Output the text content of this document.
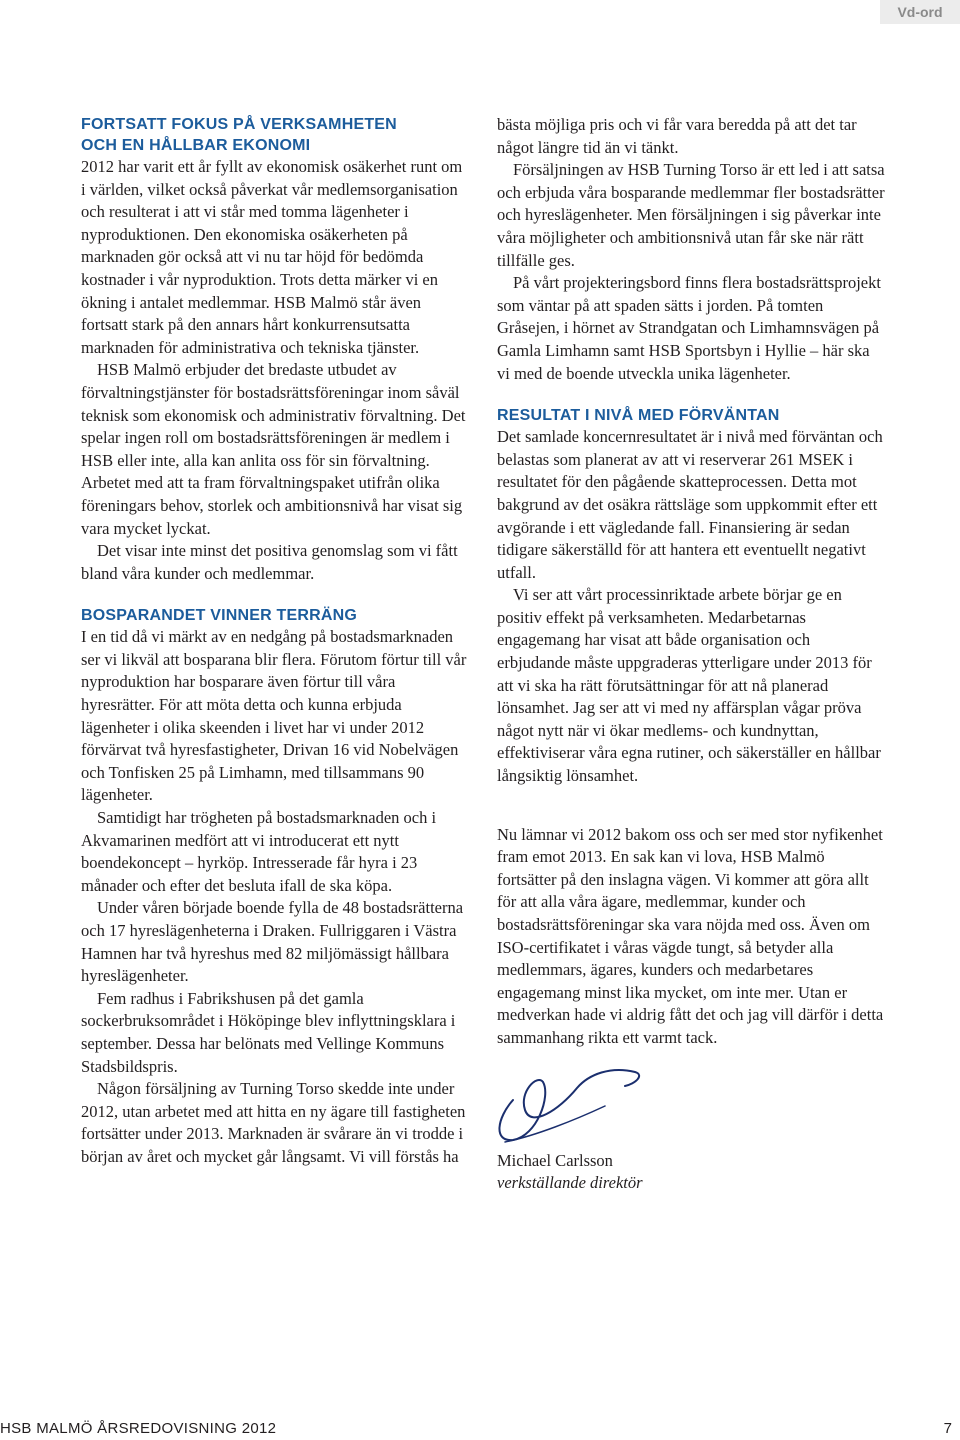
Vd-ord
FORTSATT FOKUS PÅ VERKSAMHETEN
OCH EN HÅLLBAR EKONOMI

2012 har varit ett år fyllt av ekonomisk osäkerhet runt om i världen, vilket också påverkat vår medlemsorganisation och resulterat i att vi står med tomma lägenheter i nyproduktionen. Den ekonomiska osäkerheten på marknaden gör också att vi nu tar höjd för bedömda kostnader i vår nyproduktion. Trots detta märker vi en ökning i antalet medlemmar. HSB Malmö står även fortsatt stark på den annars hårt konkurrensutsatta marknaden för administrativa och tekniska tjänster.

HSB Malmö erbjuder det bredaste utbudet av förvaltningstjänster för bostadsrättsföreningar inom såväl teknisk som ekonomisk och administrativ förvaltning. Det spelar ingen roll om bostadsrättsföreningen är medlem i HSB eller inte, alla kan anlita oss för sin förvaltning. Arbetet med att ta fram förvaltningspaket utifrån olika föreningars behov, storlek och ambitionsnivå har visat sig vara mycket lyckat.

Det visar inte minst det positiva genomslag som vi fått bland våra kunder och medlemmar.

BOSPARANDET VINNER TERRÄNG

I en tid då vi märkt av en nedgång på bostadsmarknaden ser vi likväl att bosparana blir flera. Förutom förtur till vår nyproduktion har bosparare även förtur till våra hyresrätter. För att möta detta och kunna erbjuda lägenheter i olika skeenden i livet har vi under 2012 förvärvat två hyresfastigheter, Drivan 16 vid Nobelvägen och Tonfisken 25 på Limhamn, med tillsammans 90 lägenheter.

Samtidigt har trögheten på bostadsmarknaden och i Akvamarinen medfört att vi introducerat ett nytt boendekoncept – hyrköp. Intresserade får hyra i 23 månader och efter det besluta ifall de ska köpa.

Under våren började boende fylla de 48 bostadsrätterna och 17 hyreslägenheterna i Draken. Fullriggaren i Västra Hamnen har två hyreshus med 82 miljömässigt hållbara hyreslägenheter.

Fem radhus i Fabrikshusen på det gamla sockerbruksområdet i Hököpinge blev inflyttningsklara i september. Dessa har belönats med Vellinge Kommuns Stadsbildspris.

Någon försäljning av Turning Torso skedde inte under 2012, utan arbetet med att hitta en ny ägare till fastigheten fortsätter under 2013. Marknaden är svårare än vi trodde i början av året och mycket går långsamt. Vi vill förstås ha

bästa möjliga pris och vi får vara beredda på att det tar något längre tid än vi tänkt.

Försäljningen av HSB Turning Torso är ett led i att satsa och erbjuda våra bosparande medlemmar fler bostadsrätter och hyreslägenheter. Men försäljningen i sig påverkar inte våra möjligheter och ambitionsnivå utan får ske när rätt tillfälle ges.

På vårt projekteringsbord finns flera bostadsrättsprojekt som väntar på att spaden sätts i jorden. På tomten Gråsejen, i hörnet av Strandgatan och Limhamnsvägen på Gamla Limhamn samt HSB Sportsbyn i Hyllie – här ska vi med de boende utveckla unika lägenheter.

RESULTAT I NIVÅ MED FÖRVÄNTAN

Det samlade koncernresultatet är i nivå med förväntan och belastas som planerat av att vi reserverar 261 MSEK i resultatet för den pågående skatteprocessen. Detta mot bakgrund av det osäkra rättsläge som uppkommit efter ett avgörande i ett vägledande fall. Finansiering är sedan tidigare säkerställd för att hantera ett eventuellt negativt utfall.

Vi ser att vårt processinriktade arbete börjar ge en positiv effekt på verksamheten. Medarbetarnas engagemang har visat att både organisation och erbjudande måste uppgraderas ytterligare under 2013 för att vi ska ha rätt förutsättningar för att nå planerad lönsamhet. Jag ser att vi med ny affärsplan vågar pröva något nytt när vi ökar medlems- och kundnyttan, effektiviserar våra egna rutiner, och säkerställer en hållbar långsiktig lönsamhet.

Nu lämnar vi 2012 bakom oss och ser med stor nyfikenhet fram emot 2013. En sak kan vi lova, HSB Malmö fortsätter på den inslagna vägen. Vi kommer att göra allt för att alla våra ägare, medlemmar, kunder och bostadsrättsföreningar ska vara nöjda med oss. Även om ISO-certifikatet i våras vägde tungt, så betyder alla medlemmars, ägares, kunders och medarbetares engagemang minst lika mycket, om inte mer. Utan er medverkan hade vi aldrig fått det och jag vill därför i detta sammanhang rikta ett varmt tack.

Michael Carlsson

verkställande direktör

HSB MALMÖ ÅRSREDOVISNING 2012	7
